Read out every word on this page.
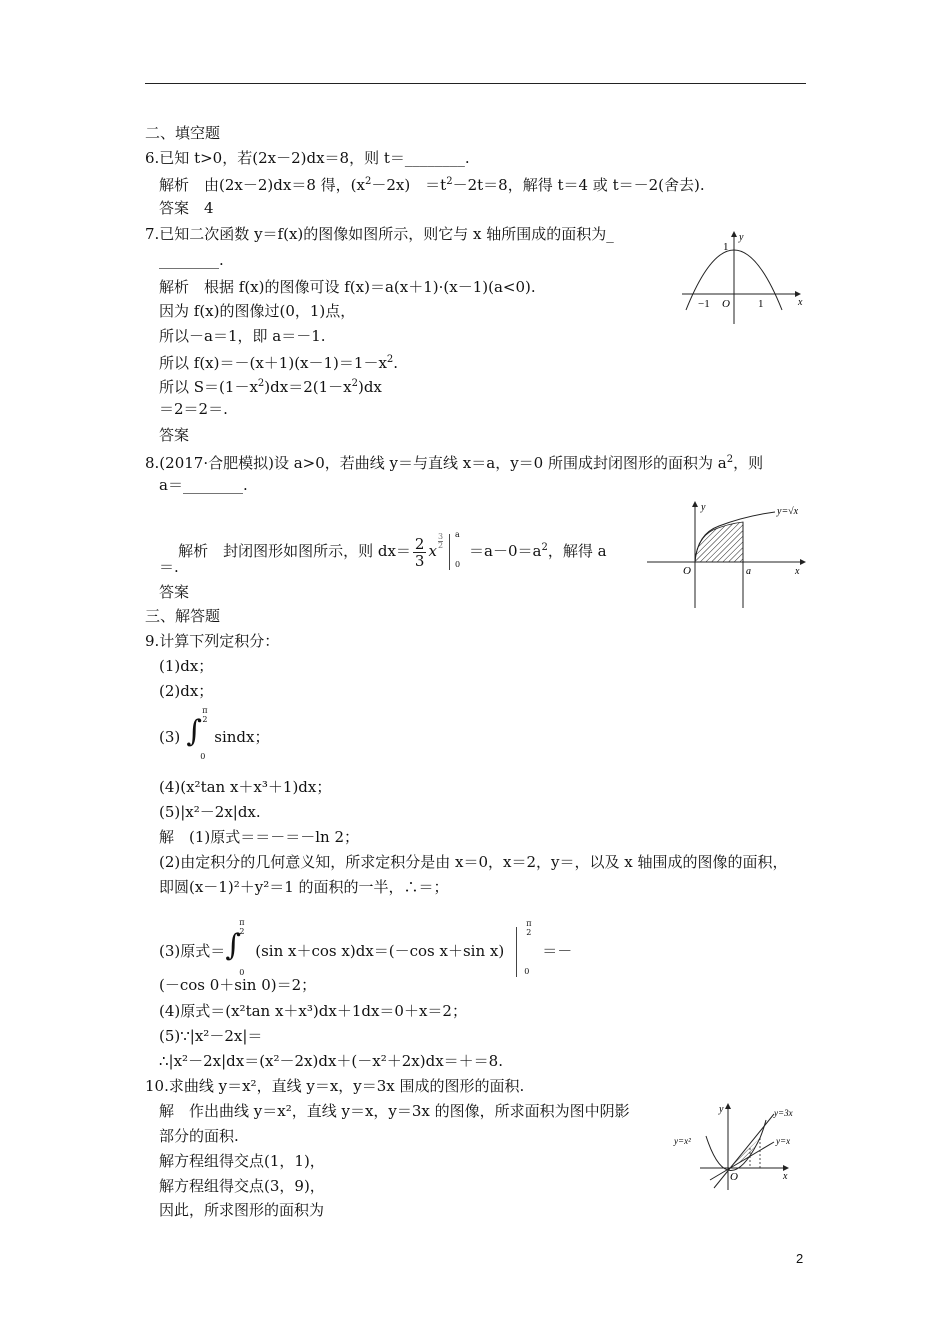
二、填空题
6.已知 t>0，若(2x－2)dx＝8，则 t＝________.
解析　由(2x－2)dx＝8 得，$(x^2-2x)$　$=t^2-2t=8$，解得 t＝4 或 t＝－2(舍去).
答案　4
7.已知二次函数 y＝f(x)的图像如图所示，则它与 x 轴所围成的面积为_
________.
解析　根据 f(x)的图像可设 f(x)＝a(x＋1)·(x－1)(a<0).
因为 f(x)的图像过(0，1)点，
所以－a＝1，即 a＝－1.
所以 $f(x)=-(x+1)(x-1)=1-x^2$.
所以 $S=(1-x^2)dx=2(1-x^2)dx$
＝2＝2＝.
答案
y
1
−1 O	1	x
8.(2017·合肥模拟)设 a>0，若曲线 y＝与直线 x＝a，y＝0 所围成封闭图形的面积为 $a^2$，则
a＝________.

解析　封闭图形如图所示，则 $dx= \frac{2}{3}$ x
$\frac{3}{2}$ a
0
$=a-0=a^2$，解得 a

＝.
答案
y	y=√x
O	a	x
三、解答题
9.计算下列定积分：
(1)dx；
(2)dx；
(3) ∫
π
2
0
sindx；
(4)(x²tan x＋x³＋1)dx；
(5)|x²－2x|dx.
解　(1)原式＝＝－＝－ln 2；
(2)由定积分的几何意义知，所求定积分是由 x＝0，x＝2，y＝，以及 x 轴围成的图像的面积，
即圆(x－1)²＋y²＝1 的面积的一半，∴＝；
(3)原式＝ ∫
π
2
0
(sin x＋cos x)dx＝(－cos x＋sin x)
π
2
0
＝－
(－cos 0＋sin 0)＝2；
(4)原式＝(x²tan x＋x³)dx＋1dx＝0＋x＝2；
(5)∵|x²－2x|＝
∴|x²－2x|dx＝(x²－2x)dx＋(－x²＋2x)dx＝＋＝8.
10.求曲线 y＝x²，直线 y＝x，y＝3x 围成的图形的面积.
解　作出曲线 y＝x²，直线 y＝x，y＝3x 的图像，所求面积为图中阴影
部分的面积.
解方程组得交点(1，1)，
解方程组得交点(3，9)，
因此，所求图形的面积为
y	y=3x
y=x
y=x²
O	x
2
